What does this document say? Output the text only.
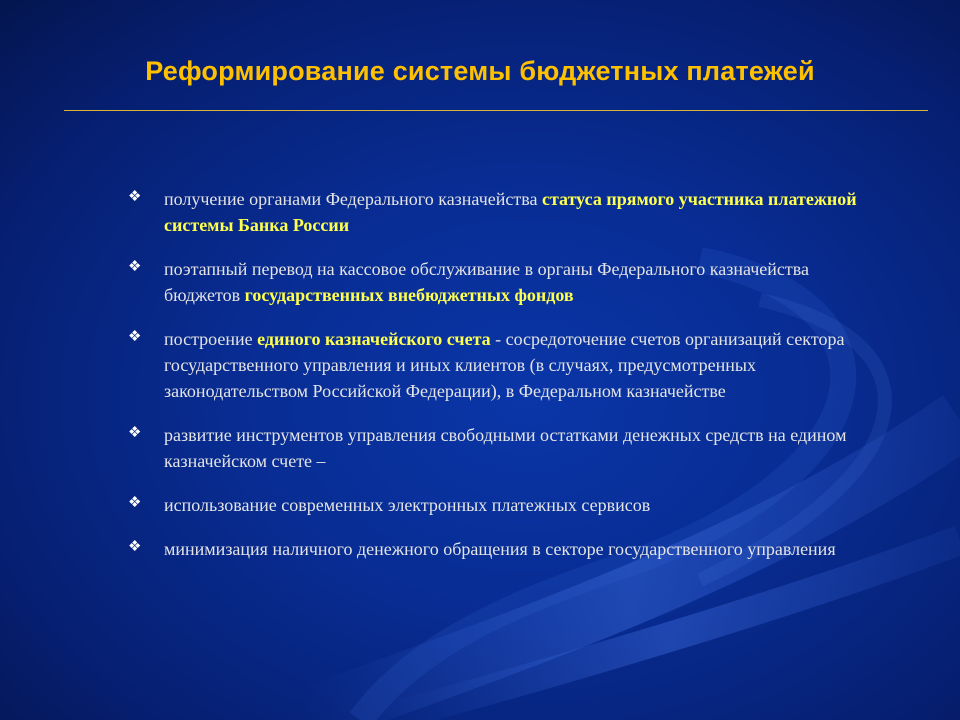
Реформирование системы бюджетных платежей
❖ получение органами Федерального казначейства статуса прямого участника платежной системы Банка России
❖ поэтапный перевод на кассовое обслуживание в органы Федерального казначейства бюджетов государственных внебюджетных фондов
❖ построение единого казначейского счета - сосредоточение счетов организаций сектора государственного управления и иных клиентов (в случаях, предусмотренных законодательством Российской Федерации), в Федеральном казначействе
❖ развитие инструментов управления свободными остатками денежных средств на едином казначейском счете –
❖ использование современных электронных платежных сервисов
❖ минимизация наличного денежного обращения в секторе государственного управления
